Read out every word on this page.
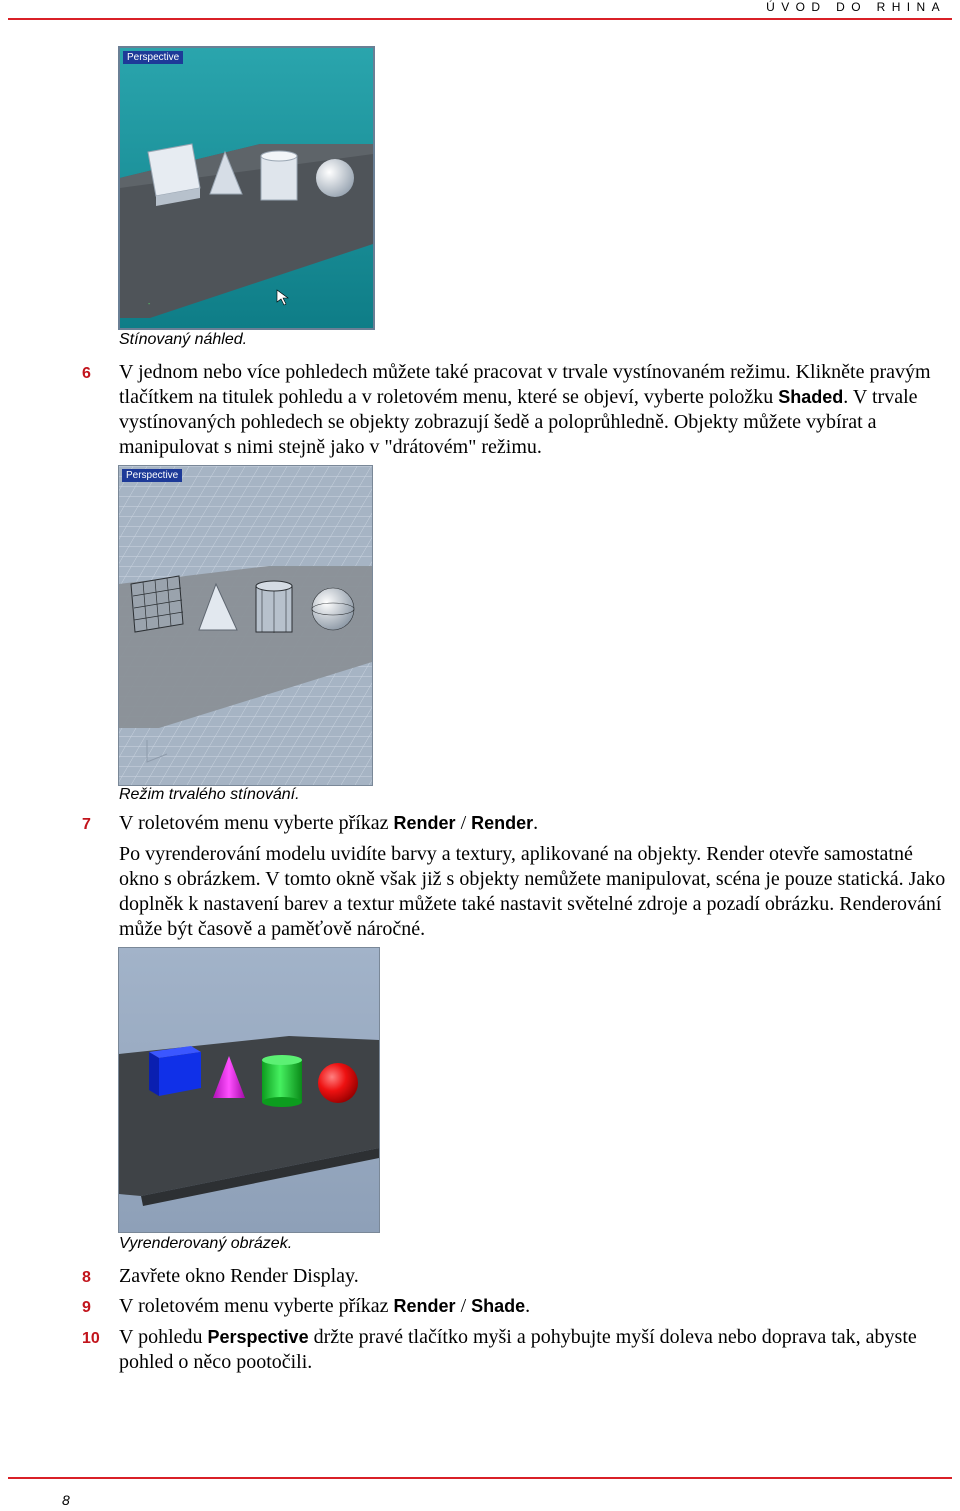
ÚVOD DO RHINA
-
Perspective
Stínovaný náhled.
6 V jednom nebo více pohledech můžete také pracovat v trvale vystínovaném režimu. Klikněte pravým tlačítkem na titulek pohledu a v roletovém menu, které se objeví, vyberte položku Shaded. V trvale vystínovaných pohledech se objekty zobrazují šedě a poloprůhledně. Objekty můžete vybírat a manipulovat s nimi stejně jako v "drátovém" režimu.
Perspective
Režim trvalého stínování.
7 V roletovém menu vyberte příkaz Render / Render.
Po vyrenderování modelu uvidíte barvy a textury, aplikované na objekty. Render otevře samostatné okno s obrázkem. V tomto okně však již s objekty nemůžete manipulovat, scéna je pouze statická. Jako doplněk k nastavení barev a textur můžete také nastavit světelné zdroje a pozadí obrázku. Renderování může být časově a paměťově náročné.
Vyrenderovaný obrázek.
8 Zavřete okno Render Display.
9 V roletovém menu vyberte příkaz Render / Shade.
10 V pohledu Perspective držte pravé tlačítko myši a pohybujte myší doleva nebo doprava tak, abyste pohled o něco pootočili.
8
